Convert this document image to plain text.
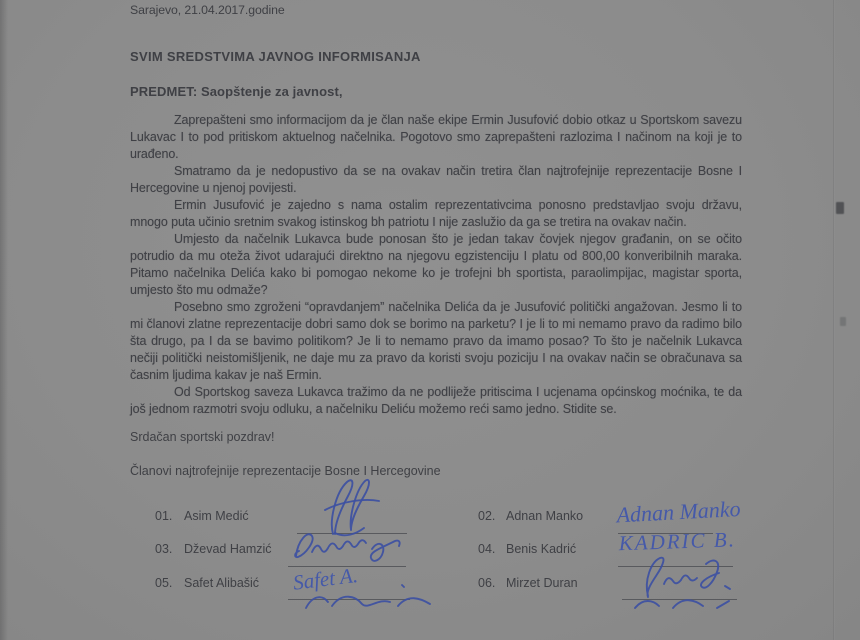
Sarajevo, 21.04.2017.godine
SVIM SREDSTVIMA JAVNOG INFORMISANJA
PREDMET: Saopštenje za javnost,

Zaprepašteni smo informacijom da je član naše ekipe Ermin Jusufović dobio otkaz u Sportskom savezu Lukavac I to pod pritiskom aktuelnog načelnika. Pogotovo smo zaprepašteni razlozima I načinom na koji je to urađeno.

Smatramo da je nedopustivo da se na ovakav način tretira član najtrofejnije reprezentacije Bosne I Hercegovine u njenoj povijesti.

Ermin Jusufović je zajedno s nama ostalim reprezentativcima ponosno predstavljao svoju državu, mnogo puta učinio sretnim svakog istinskog bh patriotu I nije zaslužio da ga se tretira na ovakav način.

Umjesto da načelnik Lukavca bude ponosan što je jedan takav čovjek njegov građanin, on se očito potrudio da mu oteža život udarajući direktno na njegovu egzistenciju I platu od 800,00 konveribilnih maraka. Pitamo načelnika Delića kako bi pomogao nekome ko je trofejni bh sportista, paraolimpijac, magistar sporta, umjesto što mu odmaže?

Posebno smo zgroženi “opravdanjem” načelnika Delića da je Jusufović politički angažovan. Jesmo li to mi članovi zlatne reprezentacije dobri samo dok se borimo na parketu? I je li to mi nemamo pravo da radimo bilo šta drugo, pa I da se bavimo politikom? Je li to nemamo pravo da imamo posao? To što je načelnik Lukavca nečiji politički neistomišljenik, ne daje mu za pravo da koristi svoju poziciju I na ovakav način se obračunava sa časnim ljudima kakav je naš Ermin.

Od Sportskog saveza Lukavca tražimo da ne podliježe pritiscima I ucjenama općinskog moćnika, te da još jednom razmotri svoju odluku, a načelniku Deliću možemo reći samo jedno. Stidite se.

Srdačan sportski pozdrav!
Članovi najtrofejnije reprezentacije Bosne I Hercegovine
01. Asim Medić	02. Adnan Manko Adnan Manko
03. Dževad Hamzić	04. Benis Kadrić KADRIC B.
05. Safet Alibašić Safet A.	06. Mirzet Duran
